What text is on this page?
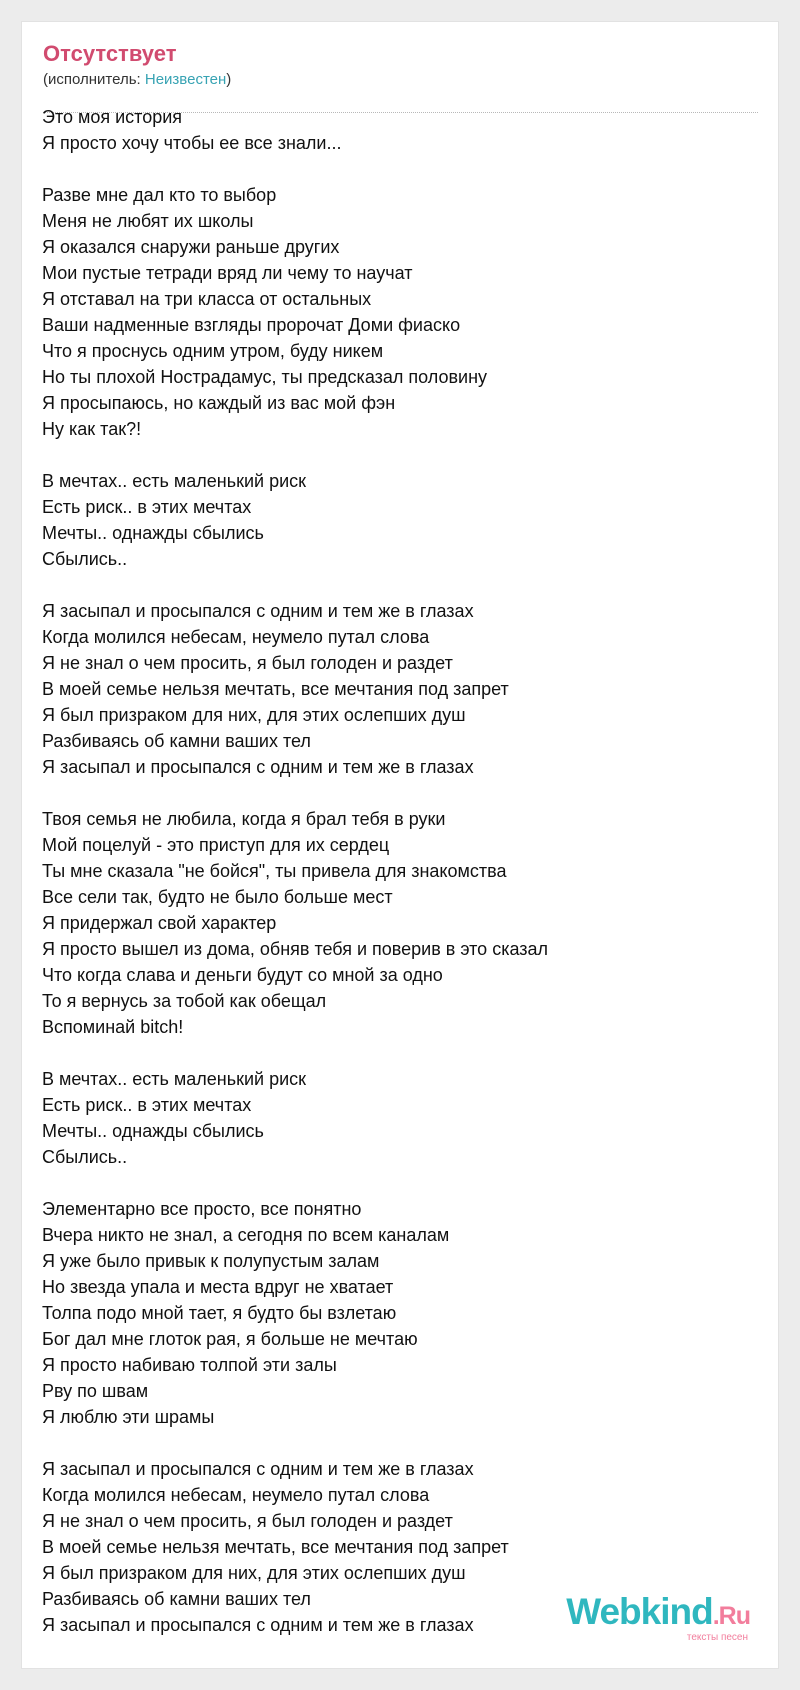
Отсутствует
(исполнитель: Неизвестен)
Это моя история
Я просто хочу чтобы ее все знали...
Разве мне дал кто то выбор
Меня не любят их школы
Я оказался снаружи раньше других
Мои пустые тетради вряд ли чему то научат
Я отставал на три класса от остальных
Ваши надменные взгляды пророчат Доми фиаско
Что я проснусь одним утром, буду никем
Но ты плохой Нострадамус, ты предсказал половину
Я просыпаюсь, но каждый из вас мой фэн
Ну как так?!
В мечтах.. есть маленький риск
Есть риск.. в этих мечтах
Мечты.. однажды сбылись
Сбылись..
Я засыпал и просыпался с одним и тем же в глазах
Когда молился небесам, неумело путал слова
Я не знал о чем просить, я был голоден и раздет
В моей семье нельзя мечтать, все мечтания под запрет
Я был призраком для них, для этих ослепших душ
Разбиваясь об камни ваших тел
Я засыпал и просыпался с одним и тем же в глазах
Твоя семья не любила, когда я брал тебя в руки
Мой поцелуй - это приступ для их сердец
Ты мне сказала "не бойся", ты привела для знакомства
Все сели так, будто не было больше мест
Я придержал свой характер
Я просто вышел из дома, обняв тебя и поверив в это сказал
Что когда слава и деньги будут со мной за одно
То я вернусь за тобой как обещал
Вспоминай bitch!
В мечтах.. есть маленький риск
Есть риск.. в этих мечтах
Мечты.. однажды сбылись
Сбылись..
Элементарно все просто, все понятно
Вчера никто не знал, а сегодня по всем каналам
Я уже было привык к полупустым залам
Но звезда упала и места вдруг не хватает
Толпа подо мной тает, я будто бы взлетаю
Бог дал мне глоток рая, я больше не мечтаю
Я просто набиваю толпой эти залы
Рву по швам
Я люблю эти шрамы
Я засыпал и просыпался с одним и тем же в глазах
Когда молился небесам, неумело путал слова
Я не знал о чем просить, я был голоден и раздет
В моей семье нельзя мечтать, все мечтания под запрет
Я был призраком для них, для этих ослепших душ
Разбиваясь об камни ваших тел
Я засыпал и просыпался с одним и тем же в глазах	Webkind.Ru
тексты песен
